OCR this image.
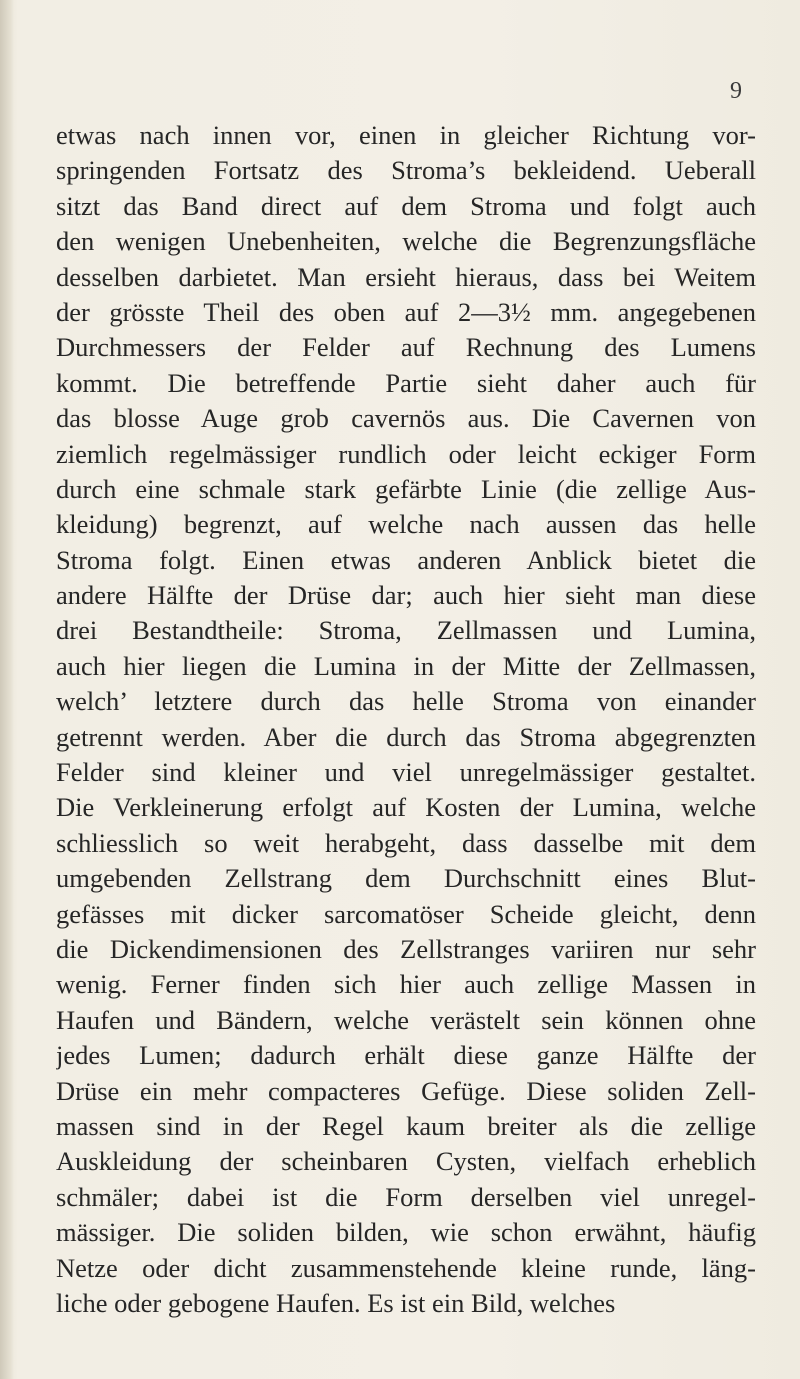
9

etwas nach innen vor, einen in gleicher Richtung vor-
springenden Fortsatz des Stroma’s bekleidend. Ueberall
sitzt das Band direct auf dem Stroma und folgt auch
den wenigen Unebenheiten, welche die Begrenzungsfläche
desselben darbietet. Man ersieht hieraus, dass bei Weitem
der grösste Theil des oben auf 2—3½ mm. angegebenen
Durchmessers der Felder auf Rechnung des Lumens
kommt. Die betreffende Partie sieht daher auch für
das blosse Auge grob cavernös aus. Die Cavernen von
ziemlich regelmässiger rundlich oder leicht eckiger Form
durch eine schmale stark gefärbte Linie (die zellige Aus-
kleidung) begrenzt, auf welche nach aussen das helle
Stroma folgt. Einen etwas anderen Anblick bietet die
andere Hälfte der Drüse dar; auch hier sieht man diese
drei Bestandtheile: Stroma, Zellmassen und Lumina,
auch hier liegen die Lumina in der Mitte der Zellmassen,
welch’ letztere durch das helle Stroma von einander
getrennt werden. Aber die durch das Stroma abgegrenzten
Felder sind kleiner und viel unregelmässiger gestaltet.
Die Verkleinerung erfolgt auf Kosten der Lumina, welche
schliesslich so weit herabgeht, dass dasselbe mit dem
umgebenden Zellstrang dem Durchschnitt eines Blut-
gefässes mit dicker sarcomatöser Scheide gleicht, denn
die Dickendimensionen des Zellstranges variiren nur sehr
wenig. Ferner finden sich hier auch zellige Massen in
Haufen und Bändern, welche verästelt sein können ohne
jedes Lumen; dadurch erhält diese ganze Hälfte der
Drüse ein mehr compacteres Gefüge. Diese soliden Zell-
massen sind in der Regel kaum breiter als die zellige
Auskleidung der scheinbaren Cysten, vielfach erheblich
schmäler; dabei ist die Form derselben viel unregel-
mässiger. Die soliden bilden, wie schon erwähnt, häufig
Netze oder dicht zusammenstehende kleine runde, läng-
liche oder gebogene Haufen. Es ist ein Bild, welches
